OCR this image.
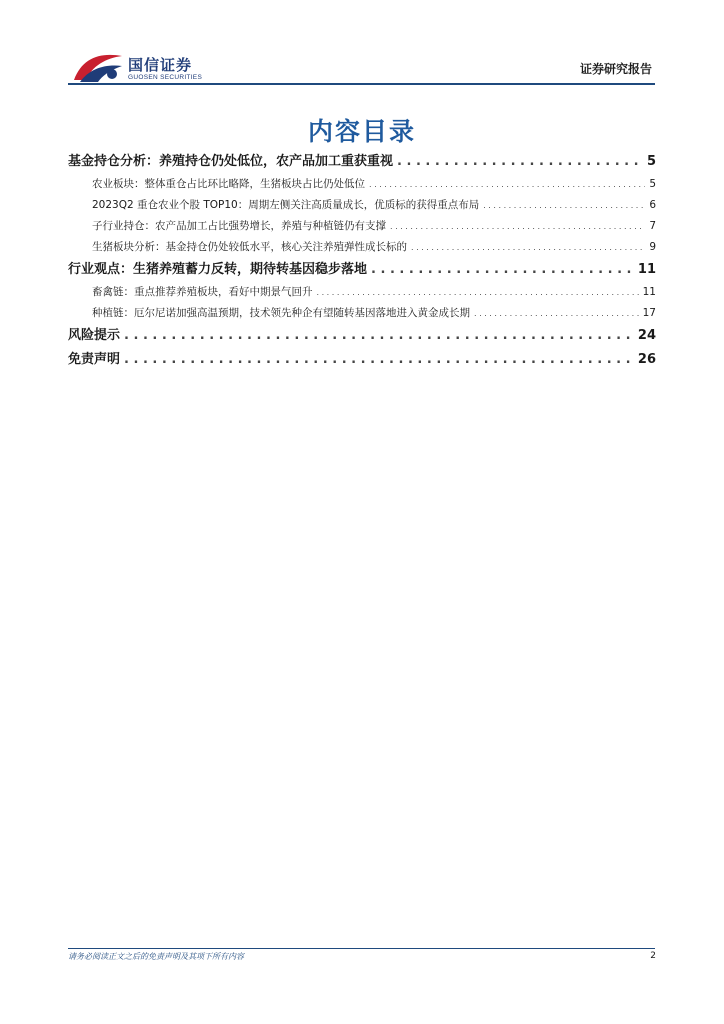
国信证券
GUOSEN SECURITIES
证券研究报告
内容目录
基金持仓分析：养殖持仓仍处低位，农产品加工重获重视 . . .	5
农业板块：整体重仓占比环比略降，生猪板块占比仍处低位 . . .	5
2023Q2 重仓农业个股 TOP10：周期左侧关注高质量成长，优质标的获得重点布局 . . .	6
子行业持仓：农产品加工占比强势增长，养殖与种植链仍有支撑 . . .	7
生猪板块分析：基金持仓仍处较低水平，核心关注养殖弹性成长标的 . . .	9
行业观点：生猪养殖蓄力反转，期待转基因稳步落地 . . .	11
畜禽链：重点推荐养殖板块，看好中期景气回升 . . .	11
种植链：厄尔尼诺加强高温预期，技术领先种企有望随转基因落地进入黄金成长期 . . .	17
风险提示 . . .	24
免责声明 . . .	26
请务必阅读正文之后的免责声明及其项下所有内容	2
